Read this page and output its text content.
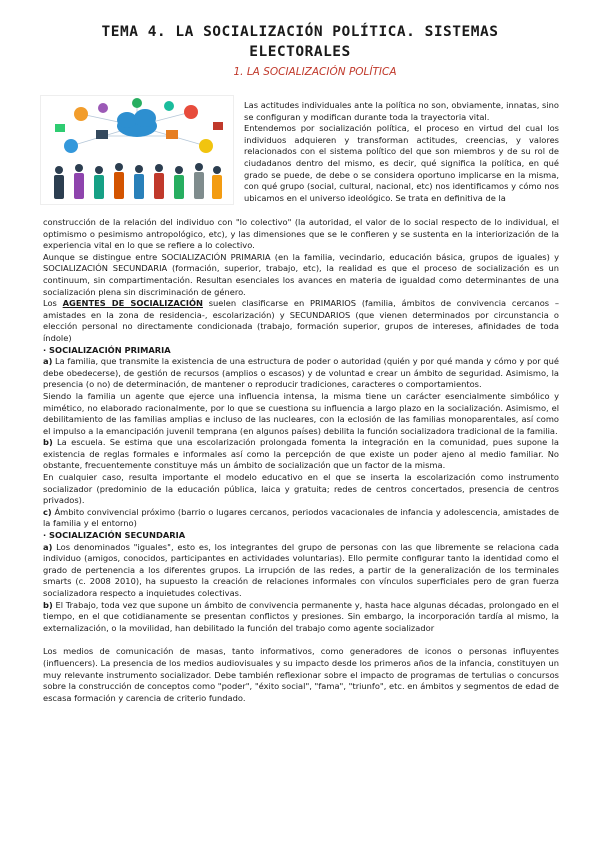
TEMA 4. LA SOCIALIZACIÓN POLÍTICA. SISTEMAS
ELECTORALES
1. LA SOCIALIZACIÓN POLÍTICA

Las actitudes individuales ante la política no son, obviamente, innatas, sino se configuran y modifican durante toda la trayectoria vital.

Entendemos por socialización política, el proceso en virtud del cual los individuos adquieren y transforman actitudes, creencias, y valores relacionados con el sistema político del que son miembros y de su rol de ciudadanos dentro del mismo, es decir, qué significa la política, en qué grado se puede, de debe o se considera oportuno implicarse en la misma, con qué grupo (social, cultural, nacional, etc) nos identificamos y cómo nos ubicamos en el universo ideológico. Se trata en definitiva de la

construcción de la relación del individuo con "lo colectivo" (la autoridad, el valor de lo social respecto de lo individual, el optimismo o pesimismo antropológico, etc), y las dimensiones que se le confieren y se sustenta en la interiorización de la experiencia vital en lo que se refiere a lo colectivo.

Aunque se distingue entre SOCIALIZACIÓN PRIMARIA (en la familia, vecindario, educación básica, grupos de iguales) y SOCIALIZACIÓN SECUNDARIA (formación, superior, trabajo, etc), la realidad es que el proceso de socialización es un continuum, sin compartimentación. Resultan esenciales los avances en materia de igualdad como determinantes de una socialización plena sin discriminación de género.

Los AGENTES DE SOCIALIZACIÓN suelen clasificarse en PRIMARIOS (familia, ámbitos de convivencia cercanos –amistades en la zona de residencia-, escolarización) y SECUNDARIOS (que vienen determinados por circunstancia o elección personal no directamente condicionada (trabajo, formación superior, grupos de intereses, afinidades de toda índole)

· SOCIALIZACIÓN PRIMARIA

a) La familia, que transmite la existencia de una estructura de poder o autoridad (quién y por qué manda y cómo y por qué debe obedecerse), de gestión de recursos (amplios o escasos) y de voluntad e crear un ámbito de seguridad. Asimismo, la presencia (o no) de determinación, de mantener o reproducir tradiciones, caracteres o comportamientos.

Siendo la familia un agente que ejerce una influencia intensa, la misma tiene un carácter esencialmente simbólico y mimético, no elaborado racionalmente, por lo que se cuestiona su influencia a largo plazo en la socialización. Asimismo, el debilitamiento de las familias amplias e incluso de las nucleares, con la eclosión de las familias monoparentales, así como el impulso a la emancipación juvenil temprana (en algunos países) debilita la función socializadora tradicional de la familia.

b) La escuela. Se estima que una escolarización prolongada fomenta la integración en la comunidad, pues supone la existencia de reglas formales e informales así como la percepción de que existe un poder ajeno al medio familiar. No obstante, frecuentemente constituye más un ámbito de socialización que un factor de la misma.

En cualquier caso, resulta importante el modelo educativo en el que se inserta la escolarización como instrumento socializador (predominio de la educación pública, laica y gratuita; redes de centros concertados, presencia de centros privados).

c) Ámbito convivencial próximo (barrio o lugares cercanos, periodos vacacionales de infancia y adolescencia, amistades de la familia y el entorno)

· SOCIALIZACIÓN SECUNDARIA

a) Los denominados "iguales", esto es, los integrantes del grupo de personas con las que libremente se relaciona cada individuo (amigos, conocidos, participantes en actividades voluntarias). Ello permite configurar tanto la identidad como el grado de pertenencia a los diferentes grupos. La irrupción de las redes, a partir de la generalización de los terminales smarts (c. 2008 2010), ha supuesto la creación de relaciones informales con vínculos superficiales pero de gran fuerza socializadora respecto a inquietudes colectivas.

b) El Trabajo, toda vez que supone un ámbito de convivencia permanente y, hasta hace algunas décadas, prolongado en el tiempo, en el que cotidianamente se presentan conflictos y presiones. Sin embargo, la incorporación tardía al mismo, la externalización, o la movilidad, han debilitado la función del trabajo como agente socializador

Los medios de comunicación de masas, tanto informativos, como generadores de iconos o personas influyentes (influencers). La presencia de los medios audiovisuales y su impacto desde los primeros años de la infancia, constituyen un muy relevante instrumento socializador. Debe también reflexionar sobre el impacto de programas de tertulias o concursos sobre la construcción de conceptos como "poder", "éxito social", "fama", "triunfo", etc. en ámbitos y segmentos de edad de escasa formación y carencia de criterio fundado.
